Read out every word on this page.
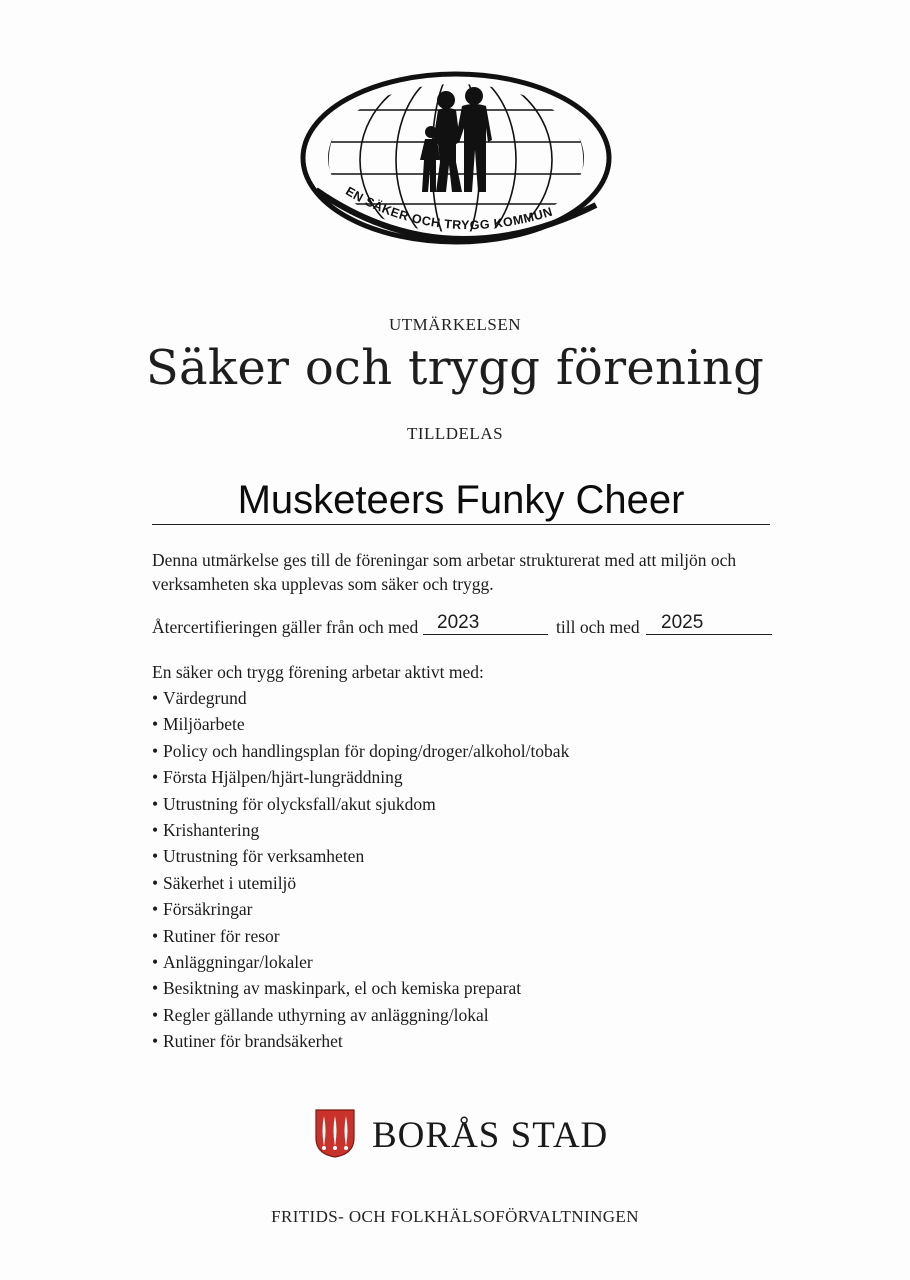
EN SÄKER OCH TRYGG KOMMUN
UTMÄRKELSEN
Säker och trygg förening
TILLDELAS
Musketeers Funky Cheer
Denna utmärkelse ges till de föreningar som arbetar strukturerat med att miljön och verksamheten ska upplevas som säker och trygg.
Återcertifieringen gäller från och med 2023	till och med	2025
En säker och trygg förening arbetar aktivt med:
• Värdegrund
• Miljöarbete
• Policy och handlingsplan för doping/droger/alkohol/tobak
• Första Hjälpen/hjärt-lungräddning
• Utrustning för olycksfall/akut sjukdom
• Krishantering
• Utrustning för verksamheten
• Säkerhet i utemiljö
• Försäkringar
• Rutiner för resor
• Anläggningar/lokaler
• Besiktning av maskinpark, el och kemiska preparat
• Regler gällande uthyrning av anläggning/lokal
• Rutiner för brandsäkerhet
BORÅS STAD
FRITIDS- OCH FOLKHÄLSOFÖRVALTNINGEN
